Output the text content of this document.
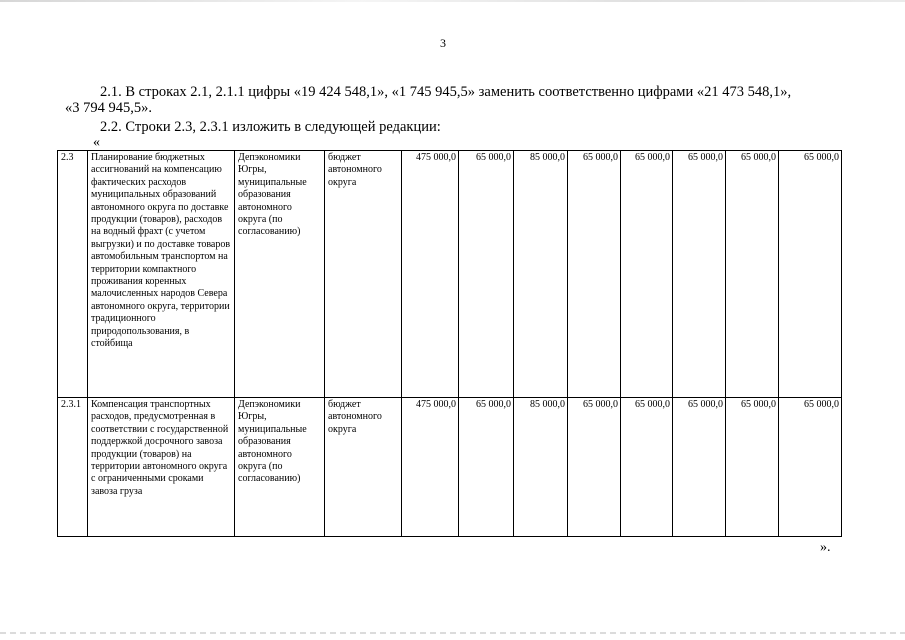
3
2.1. В строках 2.1, 2.1.1 цифры «19 424 548,1», «1 745 945,5» заменить соответственно цифрами «21 473 548,1»,
«3 794 945,5».
2.2. Строки 2.3, 2.3.1 изложить в следующей редакции:
«
2.3	Планирование бюджетных ассигнований на компенсацию фактических расходов муниципальных образований автономного округа по доставке продукции (товаров), расходов на водный фрахт (с учетом выгрузки) и по доставке товаров автомобильным транспортом на территории компактного проживания коренных малочисленных народов Севера автономного округа, территории традиционного природопользования, в стойбища	Депэкономики Югры, муниципальные образования автономного округа (по согласованию)	бюджет автономного округа	475 000,0	65 000,0	85 000,0	65 000,0	65 000,0	65 000,0	65 000,0	65 000,0
2.3.1	Компенсация транспортных расходов, предусмотренная в соответствии с государственной поддержкой досрочного завоза продукции (товаров) на территории автономного округа с ограниченными сроками завоза груза	Депэкономики Югры, муниципальные образования автономного округа (по согласованию)	бюджет автономного округа	475 000,0	65 000,0	85 000,0	65 000,0	65 000,0	65 000,0	65 000,0	65 000,0
».
